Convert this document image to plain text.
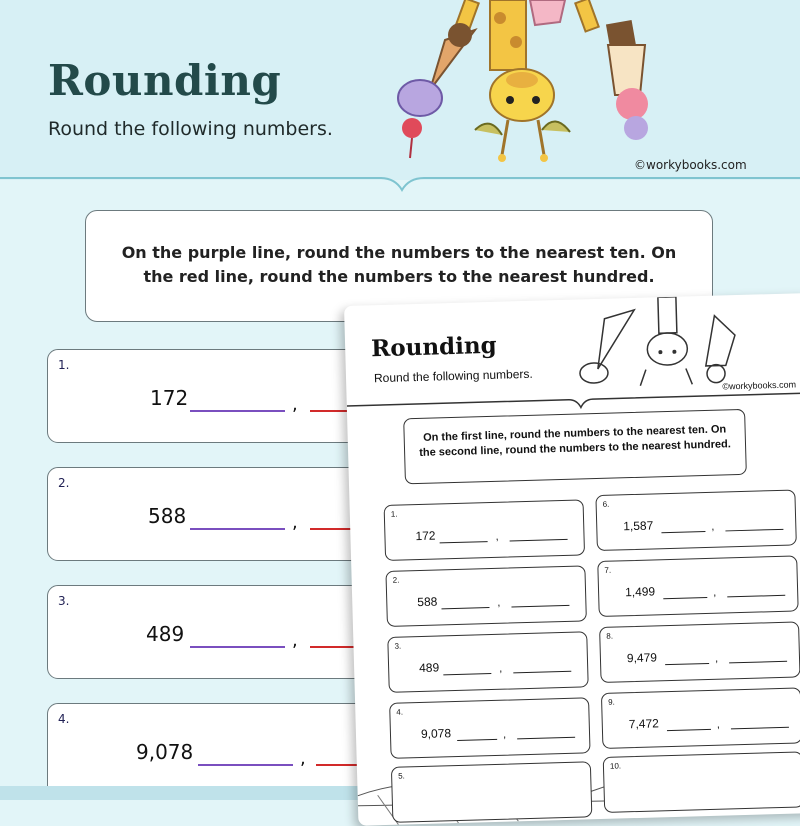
Rounding
Round the following numbers.
©workybooks.com
On the purple line, round the numbers to the nearest ten. On the red line, round the numbers to the nearest hundred.
1.
172	,
2.
588	,
3.
489	,
4.
9,078	,
Rounding
Round the following numbers.
©workybooks.com
On the first line, round the numbers to the nearest ten. On the second line, round the numbers to the nearest hundred.
1.
172	,
6.
1,587	,
2.
588	,
7.
1,499	,
3.
489	,
8.
9,479	,
4.
9,078	,
9.
7,472	,
5.
10.
